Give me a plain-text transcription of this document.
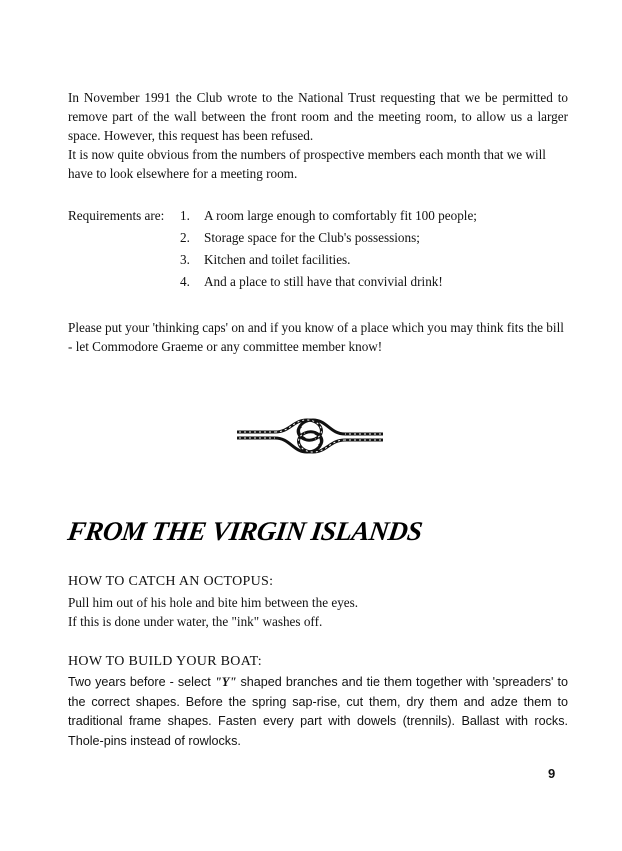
In November 1991 the Club wrote to the National Trust requesting that we be permitted to remove part of the wall between the front room and the meeting room, to allow us a larger space. However, this request has been refused.

It is now quite obvious from the numbers of prospective members each month that we will have to look elsewhere for a meeting room.

Requirements are:	1.	A room large enough to comfortably fit 100 people;
2.	Storage space for the Club's possessions;
3.	Kitchen and toilet facilities.
4.	And a place to still have that convivial drink!

Please put your 'thinking caps' on and if you know of a place which you may think fits the bill - let Commodore Graeme or any committee member know!

FROM THE VIRGIN ISLANDS

HOW TO CATCH AN OCTOPUS:

Pull him out of his hole and bite him between the eyes.

If this is done under water, the "ink" washes off.

HOW TO BUILD YOUR BOAT:

Two years before - select "Y" shaped branches and tie them together with 'spreaders' to the correct shapes. Before the spring sap-rise, cut them, dry them and adze them to traditional frame shapes. Fasten every part with dowels (trennils). Ballast with rocks. Thole-pins instead of rowlocks.

9
